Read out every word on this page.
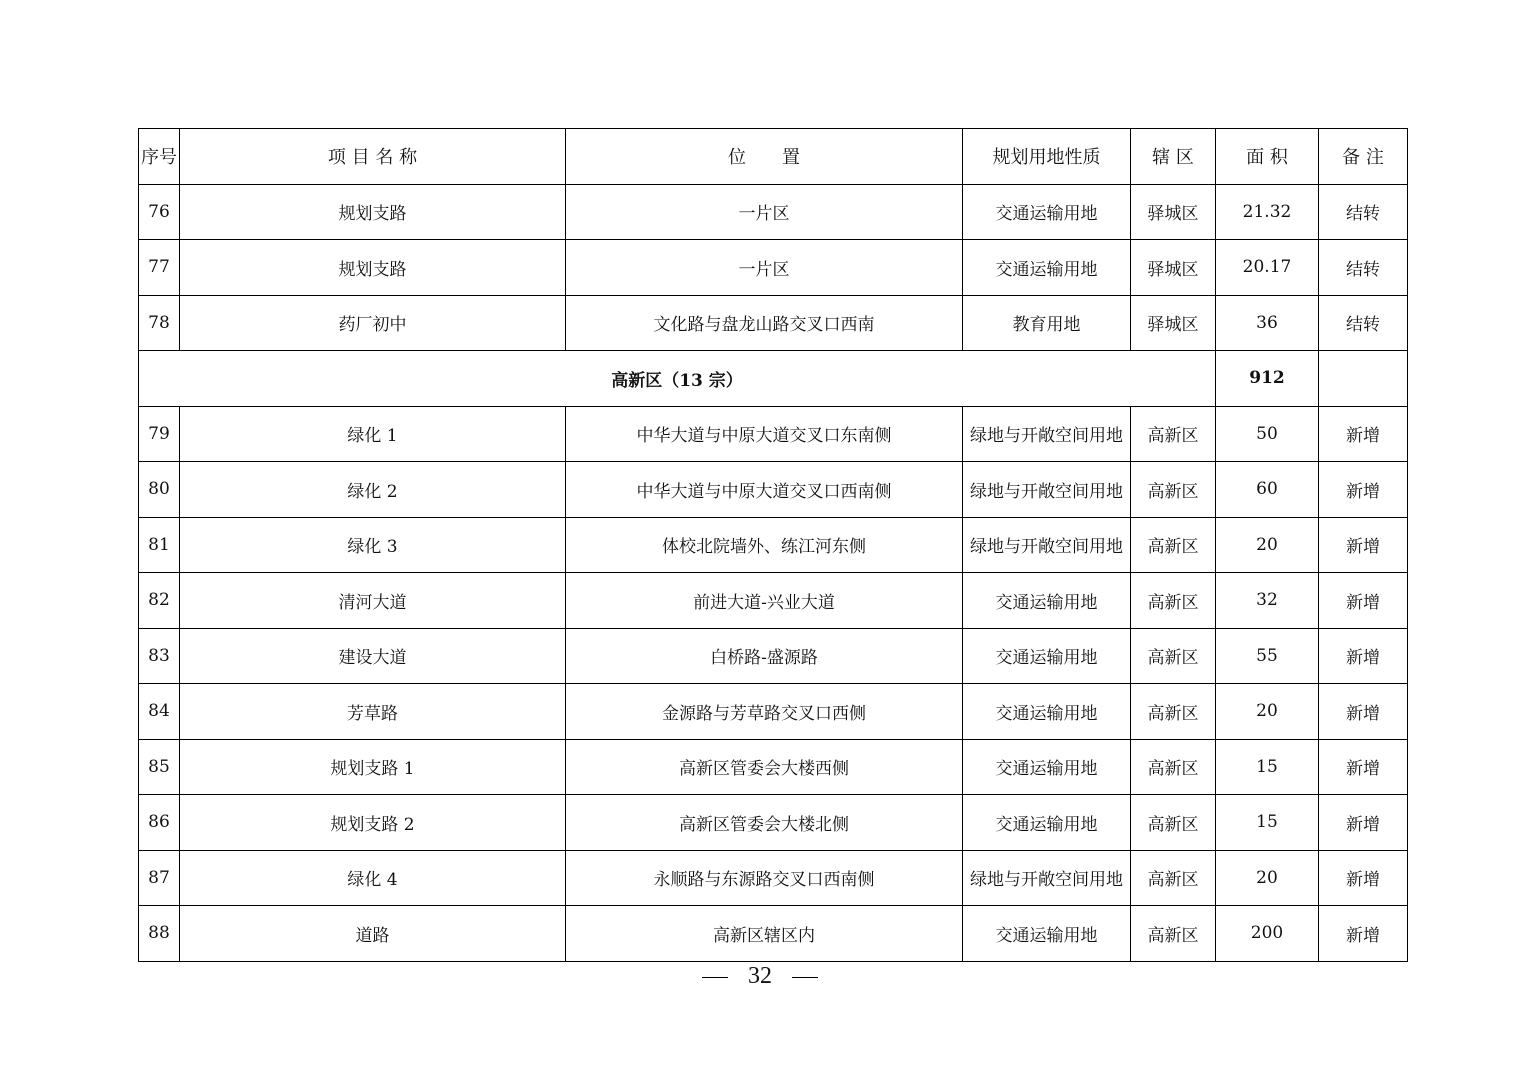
序号	项 目 名 称	位　　置	规划用地性质	辖 区	面 积	备 注
76	规划支路	一片区	交通运输用地	驿城区	21.32	结转
77	规划支路	一片区	交通运输用地	驿城区	20.17	结转
78	药厂初中	文化路与盘龙山路交叉口西南	教育用地	驿城区	36	结转
高新区（13 宗）					912	
79	绿化 1	中华大道与中原大道交叉口东南侧	绿地与开敞空间用地	高新区	50	新增
80	绿化 2	中华大道与中原大道交叉口西南侧	绿地与开敞空间用地	高新区	60	新增
81	绿化 3	体校北院墙外、练江河东侧	绿地与开敞空间用地	高新区	20	新增
82	清河大道	前进大道-兴业大道	交通运输用地	高新区	32	新增
83	建设大道	白桥路-盛源路	交通运输用地	高新区	55	新增
84	芳草路	金源路与芳草路交叉口西侧	交通运输用地	高新区	20	新增
85	规划支路 1	高新区管委会大楼西侧	交通运输用地	高新区	15	新增
86	规划支路 2	高新区管委会大楼北侧	交通运输用地	高新区	15	新增
87	绿化 4	永顺路与东源路交叉口西南侧	绿地与开敞空间用地	高新区	20	新增
88	道路	高新区辖区内	交通运输用地	高新区	200	新增
32
